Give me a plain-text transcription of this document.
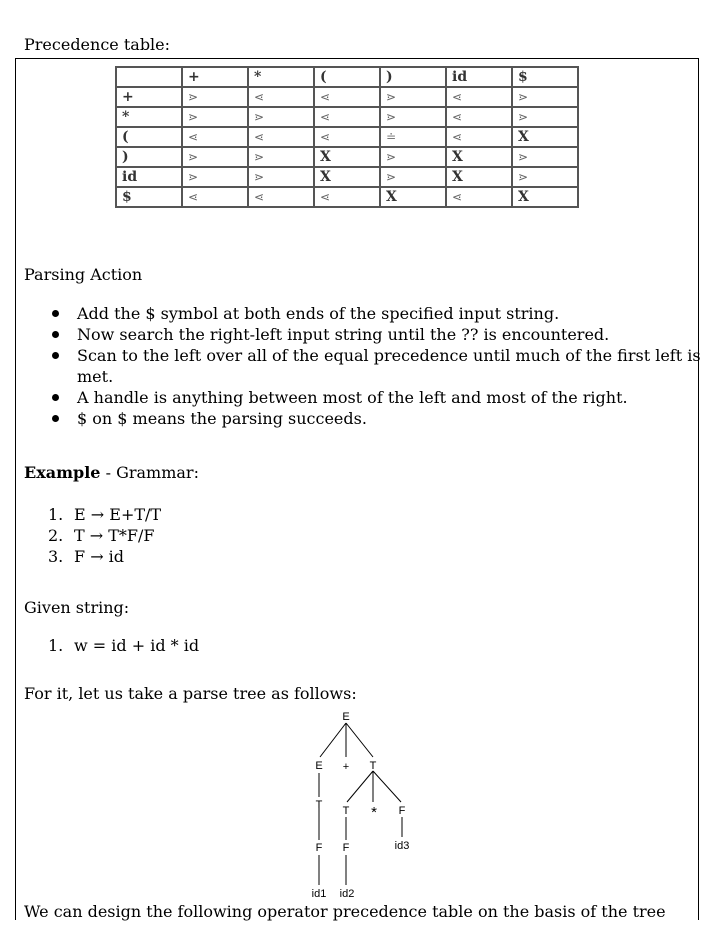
Precedence table:
	+	*	(	)	id	$
+	⋗	⋖	⋖	⋗	⋖	⋗
*	⋗	⋗	⋖	⋗	⋖	⋗
(	⋖	⋖	⋖	≐	⋖	X
)	⋗	⋗	X	⋗	X	⋗
id	⋗	⋗	X	⋗	X	⋗
$	⋖	⋖	⋖	X	⋖	X
Parsing Action
Add the $ symbol at both ends of the specified input string.
Now search the right-left input string until the ?? is encountered.
Scan to the left over all of the equal precedence until much of the first left is met.
A handle is anything between most of the left and most of the right.
$ on $ means the parsing succeeds.
Example - Grammar:
1. E → E+T/T
2. T → T*F/F
3. F → id
Given string:
1. w = id + id * id
For it, let us take a parse tree as follows:
E
E + T
T T * F
F F	id3
id1 id2
We can design the following operator precedence table on the basis of the tree
